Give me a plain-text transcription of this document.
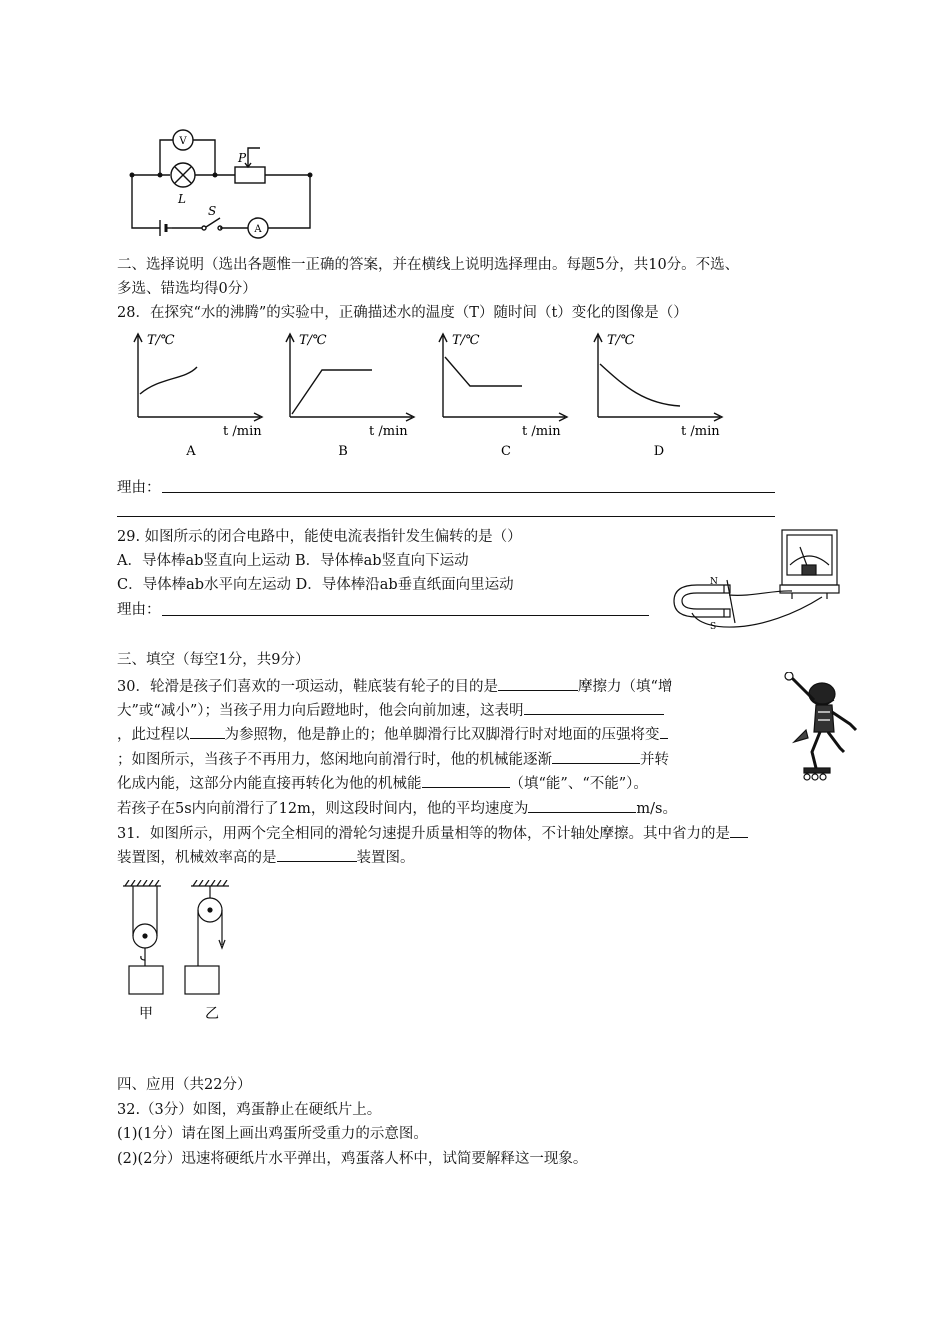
V
A
P
L
S
二、选择说明（选出各题惟一正确的答案，并在横线上说明选择理由。每题5分，共10分。不选、
多选、错选均得0分）
28．在探究“水的沸腾”的实验中，正确描述水的温度（T）随时间（t）变化的图像是（）
T/℃
t /min
A
T/℃
t /min
B
T/℃
t /min
C
T/℃
t /min
D
理由：
29. 如图所示的闭合电路中，能使电流表指针发生偏转的是（）
A．导体棒ab竖直向上运动 B．导体棒ab竖直向下运动
C．导体棒ab水平向左运动 D．导体棒沿ab垂直纸面向里运动
理由：
N
S
三、填空（每空1分，共9分）
30．轮滑是孩子们喜欢的一项运动，鞋底装有轮子的目的是	摩擦力（填“增
大”或“减小”）；当孩子用力向后蹬地时，他会向前加速，这表明
，此过程以 为参照物，他是静止的；他单脚滑行比双脚滑行时对地面的压强将变
；如图所示，当孩子不再用力，悠闲地向前滑行时，他的机械能逐渐	并转
化成内能，这部分内能直接再转化为他的机械能	（填“能”、“不能”）。
若孩子在5s内向前滑行了12m，则这段时间内，他的平均速度为	m/s。
31．如图所示，用两个完全相同的滑轮匀速提升质量相等的物体，不计轴处摩擦。其中省力的是
装置图，机械效率高的是	装置图。
甲	乙
四、应用（共22分）
32.（3分）如图，鸡蛋静止在硬纸片上。
(1)(1分）请在图上画出鸡蛋所受重力的示意图。
(2)(2分）迅速将硬纸片水平弹出，鸡蛋落人杯中，试简要解释这一现象。
